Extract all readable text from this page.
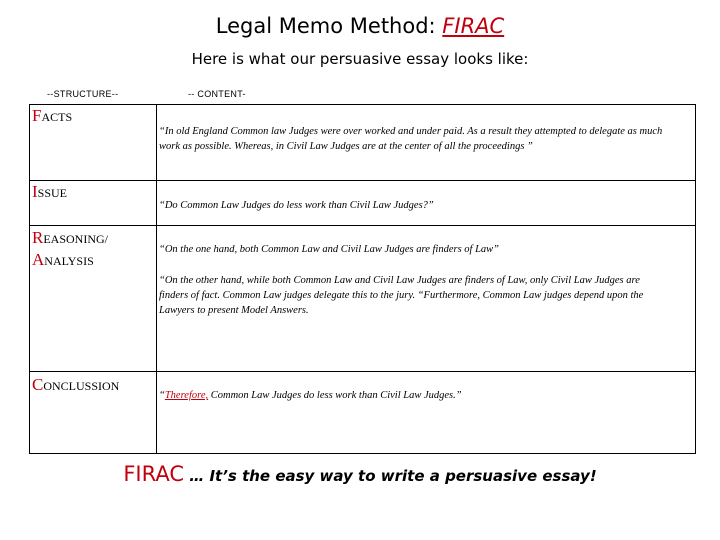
Legal Memo Method: FIRAC
Here is what our persuasive essay looks like:
--STRUCTURE--	-- CONTENT-
FACTS
“In old England Common law Judges were over worked and under paid. As a result they attempted to delegate as much work as possible. Whereas, in Civil Law Judges are at the center of all the proceedings ”
ISSUE
“Do Common Law Judges do less work than Civil Law Judges?”
REASONING/
ANALYSIS
“On the one hand, both Common Law and Civil Law Judges are finders of Law”
“On the other hand, while both Common Law and Civil Law Judges are finders of Law, only Civil Law Judges are finders of fact. Common Law judges delegate this to the jury. “Furthermore, Common Law judges depend upon the Lawyers to present Model Answers.
CONCLUSSION
“Therefore, Common Law Judges do less work than Civil Law Judges.”
FIRAC … It’s the easy way to write a persuasive essay!
